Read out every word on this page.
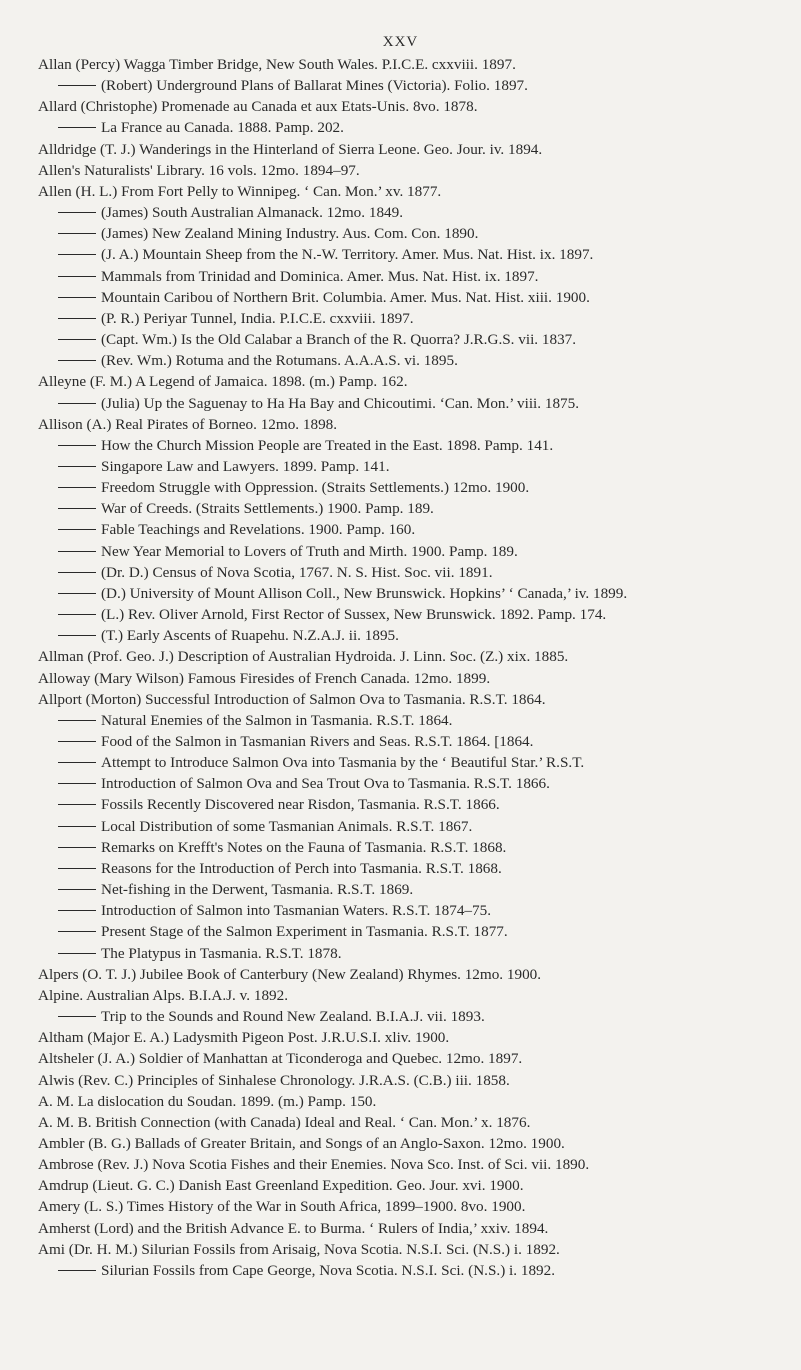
XXV
Allan (Percy) Wagga Timber Bridge, New South Wales. P.I.C.E. cxxviii. 1897.
(Robert) Underground Plans of Ballarat Mines (Victoria). Folio. 1897.
Allard (Christophe) Promenade au Canada et aux Etats-Unis. 8vo. 1878.
La France au Canada. 1888. Pamp. 202.
Alldridge (T. J.) Wanderings in the Hinterland of Sierra Leone. Geo. Jour. iv. 1894.
Allen's Naturalists' Library. 16 vols. 12mo. 1894–97.
Allen (H. L.) From Fort Pelly to Winnipeg. ‘ Can. Mon.’ xv. 1877.
(James) South Australian Almanack. 12mo. 1849.
(James) New Zealand Mining Industry. Aus. Com. Con. 1890.
(J. A.) Mountain Sheep from the N.-W. Territory. Amer. Mus. Nat. Hist. ix. 1897.
Mammals from Trinidad and Dominica. Amer. Mus. Nat. Hist. ix. 1897.
Mountain Caribou of Northern Brit. Columbia. Amer. Mus. Nat. Hist. xiii. 1900.
(P. R.) Periyar Tunnel, India. P.I.C.E. cxxviii. 1897.
(Capt. Wm.) Is the Old Calabar a Branch of the R. Quorra? J.R.G.S. vii. 1837.
(Rev. Wm.) Rotuma and the Rotumans. A.A.A.S. vi. 1895.
Alleyne (F. M.) A Legend of Jamaica. 1898. (m.) Pamp. 162.
(Julia) Up the Saguenay to Ha Ha Bay and Chicoutimi. ‘Can. Mon.’ viii. 1875.
Allison (A.) Real Pirates of Borneo. 12mo. 1898.
How the Church Mission People are Treated in the East. 1898. Pamp. 141.
Singapore Law and Lawyers. 1899. Pamp. 141.
Freedom Struggle with Oppression. (Straits Settlements.) 12mo. 1900.
War of Creeds. (Straits Settlements.) 1900. Pamp. 189.
Fable Teachings and Revelations. 1900. Pamp. 160.
New Year Memorial to Lovers of Truth and Mirth. 1900. Pamp. 189.
(Dr. D.) Census of Nova Scotia, 1767. N. S. Hist. Soc. vii. 1891.
(D.) University of Mount Allison Coll., New Brunswick. Hopkins’ ‘ Canada,’ iv. 1899.
(L.) Rev. Oliver Arnold, First Rector of Sussex, New Brunswick. 1892. Pamp. 174.
(T.) Early Ascents of Ruapehu. N.Z.A.J. ii. 1895.
Allman (Prof. Geo. J.) Description of Australian Hydroida. J. Linn. Soc. (Z.) xix. 1885.
Alloway (Mary Wilson) Famous Firesides of French Canada. 12mo. 1899.
Allport (Morton) Successful Introduction of Salmon Ova to Tasmania. R.S.T. 1864.
Natural Enemies of the Salmon in Tasmania. R.S.T. 1864.
Food of the Salmon in Tasmanian Rivers and Seas. R.S.T. 1864. [1864.
Attempt to Introduce Salmon Ova into Tasmania by the ‘ Beautiful Star.’ R.S.T.
Introduction of Salmon Ova and Sea Trout Ova to Tasmania. R.S.T. 1866.
Fossils Recently Discovered near Risdon, Tasmania. R.S.T. 1866.
Local Distribution of some Tasmanian Animals. R.S.T. 1867.
Remarks on Krefft's Notes on the Fauna of Tasmania. R.S.T. 1868.
Reasons for the Introduction of Perch into Tasmania. R.S.T. 1868.
Net-fishing in the Derwent, Tasmania. R.S.T. 1869.
Introduction of Salmon into Tasmanian Waters. R.S.T. 1874–75.
Present Stage of the Salmon Experiment in Tasmania. R.S.T. 1877.
The Platypus in Tasmania. R.S.T. 1878.
Alpers (O. T. J.) Jubilee Book of Canterbury (New Zealand) Rhymes. 12mo. 1900.
Alpine. Australian Alps. B.I.A.J. v. 1892.
Trip to the Sounds and Round New Zealand. B.I.A.J. vii. 1893.
Altham (Major E. A.) Ladysmith Pigeon Post. J.R.U.S.I. xliv. 1900.
Altsheler (J. A.) Soldier of Manhattan at Ticonderoga and Quebec. 12mo. 1897.
Alwis (Rev. C.) Principles of Sinhalese Chronology. J.R.A.S. (C.B.) iii. 1858.
A. M. La dislocation du Soudan. 1899. (m.) Pamp. 150.
A. M. B. British Connection (with Canada) Ideal and Real. ‘ Can. Mon.’ x. 1876.
Ambler (B. G.) Ballads of Greater Britain, and Songs of an Anglo-Saxon. 12mo. 1900.
Ambrose (Rev. J.) Nova Scotia Fishes and their Enemies. Nova Sco. Inst. of Sci. vii. 1890.
Amdrup (Lieut. G. C.) Danish East Greenland Expedition. Geo. Jour. xvi. 1900.
Amery (L. S.) Times History of the War in South Africa, 1899–1900. 8vo. 1900.
Amherst (Lord) and the British Advance E. to Burma. ‘ Rulers of India,’ xxiv. 1894.
Ami (Dr. H. M.) Silurian Fossils from Arisaig, Nova Scotia. N.S.I. Sci. (N.S.) i. 1892.
Silurian Fossils from Cape George, Nova Scotia. N.S.I. Sci. (N.S.) i. 1892.
